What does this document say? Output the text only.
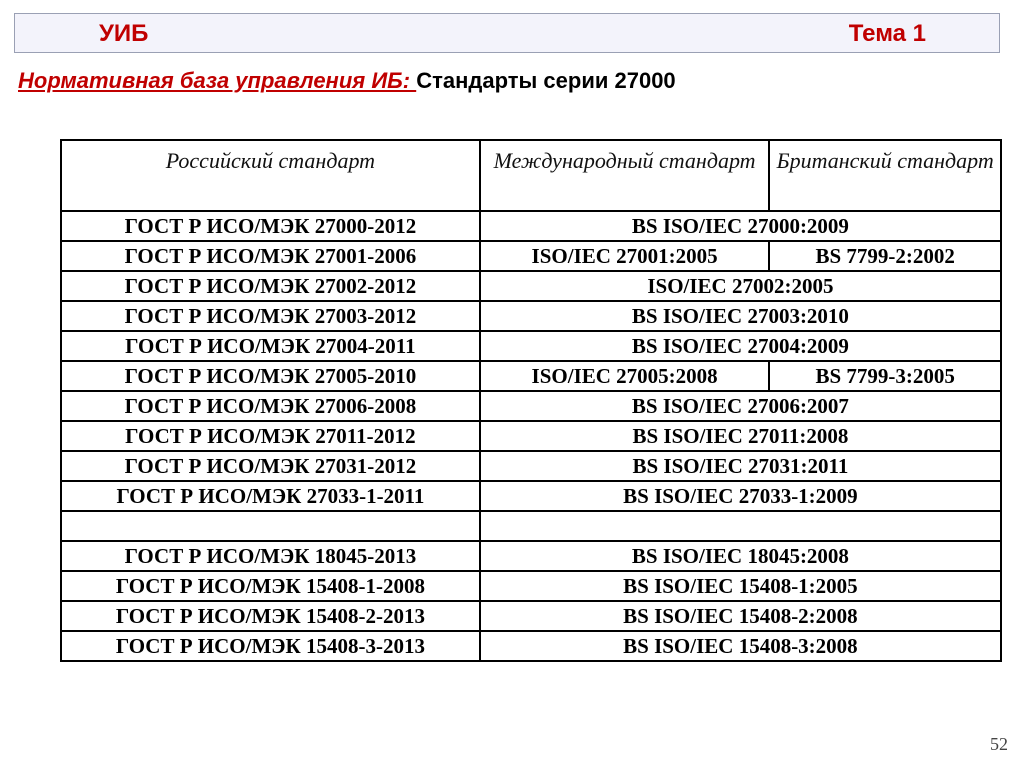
УИБ	Тема 1
Нормативная база управления ИБ: Стандарты серии 27000
Российский стандарт	Международный стандарт	Британский стандарт
ГОСТ Р ИСО/МЭК 27000-2012	BS ISO/IEC 27000:2009	
ГОСТ Р ИСО/МЭК 27001-2006	ISO/IEC 27001:2005	BS 7799-2:2002
ГОСТ Р ИСО/МЭК 27002-2012	ISO/IEC 27002:2005	
ГОСТ Р ИСО/МЭК 27003-2012	BS ISO/IEC 27003:2010	
ГОСТ Р ИСО/МЭК 27004-2011	BS ISO/IEC 27004:2009	
ГОСТ Р ИСО/МЭК 27005-2010	ISO/IEC 27005:2008	BS 7799-3:2005
ГОСТ Р ИСО/МЭК 27006-2008	BS ISO/IEC 27006:2007	
ГОСТ Р ИСО/МЭК 27011-2012	BS ISO/IEC 27011:2008	
ГОСТ Р ИСО/МЭК 27031-2012	BS ISO/IEC 27031:2011	
ГОСТ Р ИСО/МЭК 27033-1-2011	BS ISO/IEC 27033-1:2009	

ГОСТ Р ИСО/МЭК 18045-2013	BS ISO/IEC 18045:2008	
ГОСТ Р ИСО/МЭК 15408-1-2008	BS ISO/IEC 15408-1:2005	
ГОСТ Р ИСО/МЭК 15408-2-2013	BS ISO/IEC 15408-2:2008	
ГОСТ Р ИСО/МЭК 15408-3-2013	BS ISO/IEC 15408-3:2008	
52
